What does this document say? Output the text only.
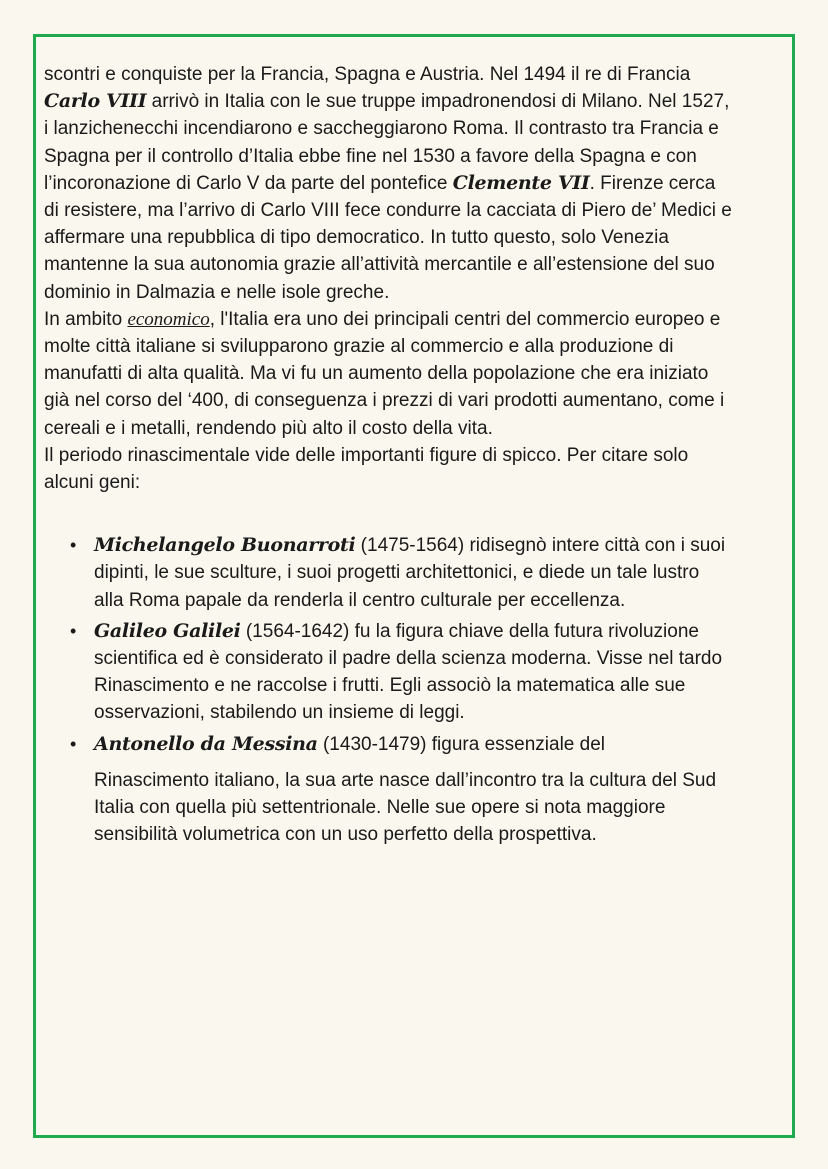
scontri e conquiste per la Francia, Spagna e Austria. Nel 1494 il re di Francia Carlo VIII arrivò in Italia con le sue truppe impadronendosi di Milano. Nel 1527, i lanzichenecchi incendiarono e saccheggiarono Roma. Il contrasto tra Francia e Spagna per il controllo d’Italia ebbe fine nel 1530 a favore della Spagna e con l’incoronazione di Carlo V da parte del pontefice Clemente VII. Firenze cerca di resistere, ma l’arrivo di Carlo VIII fece condurre la cacciata di Piero de’ Medici e affermare una repubblica di tipo democratico. In tutto questo, solo Venezia mantenne la sua autonomia grazie all’attività mercantile e all’estensione del suo dominio in Dalmazia e nelle isole greche.

In ambito economico, l'Italia era uno dei principali centri del commercio europeo e molte città italiane si svilupparono grazie al commercio e alla produzione di manufatti di alta qualità. Ma vi fu un aumento della popolazione che era iniziato già nel corso del ‘400, di conseguenza i prezzi di vari prodotti aumentano, come i cereali e i metalli, rendendo più alto il costo della vita.

Il periodo rinascimentale vide delle importanti figure di spicco. Per citare solo alcuni geni:

• Michelangelo Buonarroti (1475-1564) ridisegnò intere città con i suoi dipinti, le sue sculture, i suoi progetti architettonici, e diede un tale lustro alla Roma papale da renderla il centro culturale per eccellenza.
• Galileo Galilei (1564-1642) fu la figura chiave della futura rivoluzione scientifica ed è considerato il padre della scienza moderna. Visse nel tardo Rinascimento e ne raccolse i frutti. Egli associò la matematica alle sue osservazioni, stabilendo un insieme di leggi.
• Antonello da Messina (1430-1479) figura essenziale del
Rinascimento italiano, la sua arte nasce dall’incontro tra la cultura del Sud Italia con quella più settentrionale. Nelle sue opere si nota maggiore sensibilità volumetrica con un uso perfetto della prospettiva.
